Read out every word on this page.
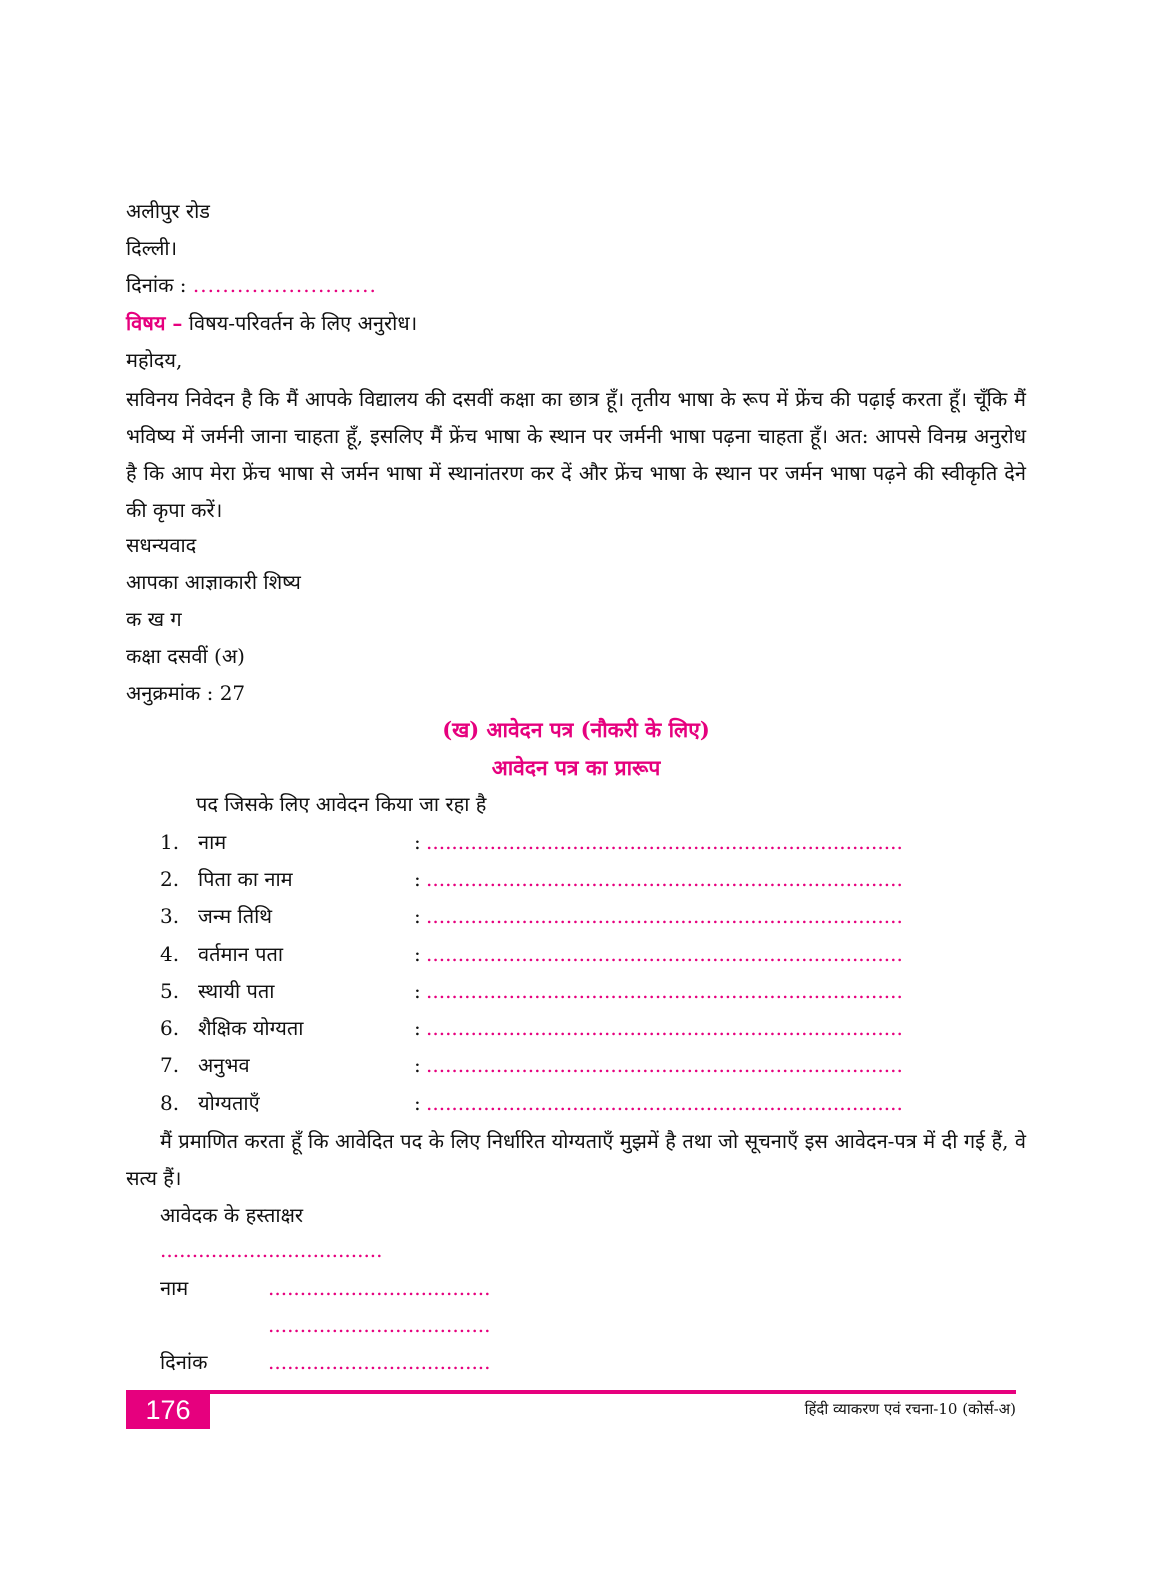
अलीपुर रोड
दिल्ली।
दिनांक : .........................
विषय – विषय-परिवर्तन के लिए अनुरोध।
महोदय,
सविनय निवेदन है कि मैं आपके विद्यालय की दसवीं कक्षा का छात्र हूँ। तृतीय भाषा के रूप में फ्रेंच की पढ़ाई करता हूँ। चूँकि मैं भविष्य में जर्मनी जाना चाहता हूँ, इसलिए मैं फ्रेंच भाषा के स्थान पर जर्मनी भाषा पढ़ना चाहता हूँ। अत: आपसे विनम्र अनुरोध है कि आप मेरा फ्रेंच भाषा से जर्मन भाषा में स्थानांतरण कर दें और फ्रेंच भाषा के स्थान पर जर्मन भाषा पढ़ने की स्वीकृति देने की कृपा करें।
सधन्यवाद
आपका आज्ञाकारी शिष्य
क ख ग
कक्षा दसवीं (अ)
अनुक्रमांक : 27
(ख) आवेदन पत्र (नौकरी के लिए)
आवेदन पत्र का प्रारूप
पद जिसके लिए आवेदन किया जा रहा है
1. नाम	: ...........................................................................
2. पिता का नाम	: ...........................................................................
3. जन्म तिथि	: ...........................................................................
4. वर्तमान पता	: ...........................................................................
5. स्थायी पता	: ...........................................................................
6. शैक्षिक योग्यता	: ...........................................................................
7. अनुभव	: ...........................................................................
8. योग्यताएँ	: ...........................................................................
मैं प्रमाणित करता हूँ कि आवेदित पद के लिए निर्धारित योग्यताएँ मुझमें है तथा जो सूचनाएँ इस आवेदन-पत्र में दी गई हैं, वे सत्य हैं।
आवेदक के हस्ताक्षर
...................................
नाम	...................................
...................................
दिनांक	...................................
176	हिंदी व्याकरण एवं रचना-10 (कोर्स-अ)
